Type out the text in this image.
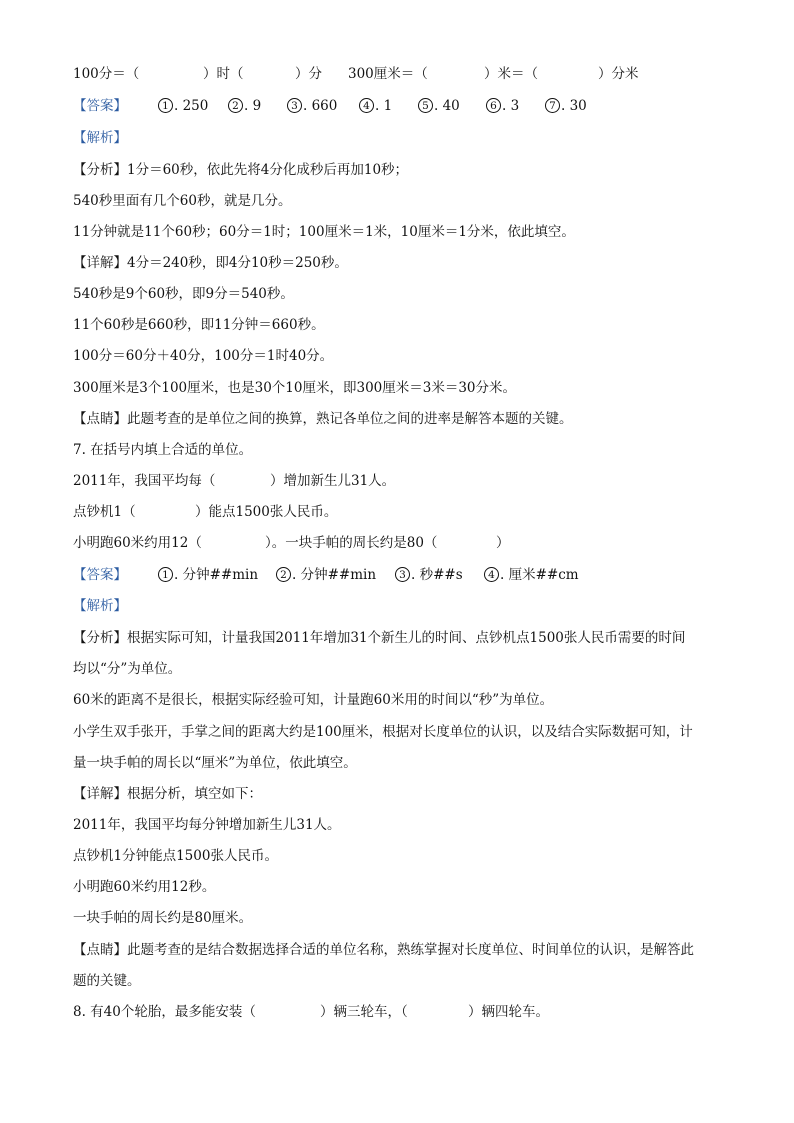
100分＝（	）时（	）分 300厘米＝（	）米＝（	）分米
【答案】	1 . 250	2 . 9	3 . 660	4 . 1	5 . 40	6 . 3	7 . 30
【解析】
【分析】1分＝60秒，依此先将4分化成秒后再加10秒；
540秒里面有几个60秒，就是几分。
11分钟就是11个60秒；60分＝1时；100厘米＝1米，10厘米＝1分米，依此填空。
【详解】4分＝240秒，即4分10秒＝250秒。
540秒是9个60秒，即9分＝540秒。
11个60秒是660秒，即11分钟＝660秒。
100分＝60分＋40分，100分＝1时40分。
300厘米是3个100厘米，也是30个10厘米，即300厘米＝3米＝30分米。
【点睛】此题考查的是单位之间的换算，熟记各单位之间的进率是解答本题的关键。
7. 在括号内填上合适的单位。
2011年，我国平均每（	）增加新生儿31人。
点钞机1（	）能点1500张人民币。
小明跑60米约用12（	）。一块手帕的周长约是80（	）
【答案】	1 . 分钟##min	2 . 分钟##min	3 . 秒##s	4 . 厘米##cm
【解析】
【分析】根据实际可知，计量我国2011年增加31个新生儿的时间、点钞机点1500张人民币需要的时间
均以“分”为单位。
60米的距离不是很长，根据实际经验可知，计量跑60米用的时间以“秒”为单位。
小学生双手张开，手掌之间的距离大约是100厘米，根据对长度单位的认识，以及结合实际数据可知，计
量一块手帕的周长以“厘米”为单位，依此填空。
【详解】根据分析，填空如下：
2011年，我国平均每分钟增加新生儿31人。
点钞机1分钟能点1500张人民币。
小明跑60米约用12秒。
一块手帕的周长约是80厘米。
【点睛】此题考查的是结合数据选择合适的单位名称，熟练掌握对长度单位、时间单位的认识，是解答此
题的关键。
8. 有40个轮胎，最多能安装（	）辆三轮车，（	）辆四轮车。
